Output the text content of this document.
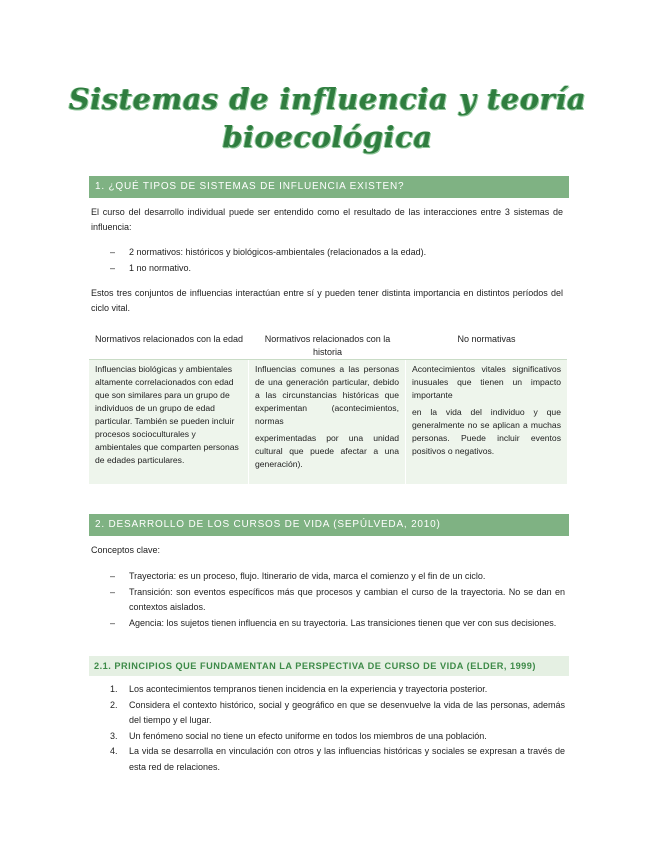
Sistemas de influencia y teoría
bioecológica
1. ¿QUÉ TIPOS DE SISTEMAS DE INFLUENCIA EXISTEN?
El curso del desarrollo individual puede ser entendido como el resultado de las interacciones entre 3 sistemas de influencia:
– 2 normativos: históricos y biológicos-ambientales (relacionados a la edad).
– 1 no normativo.
Estos tres conjuntos de influencias interactúan entre sí y pueden tener distinta importancia en distintos períodos del ciclo vital.
Normativos relacionados con la edad	Normativos relacionados con la historia
No normativas

Influencias biológicas y ambientales altamente correlacionados con edad que son similares para un grupo de individuos de un grupo de edad particular. También se pueden incluir procesos socioculturales y ambientales que comparten personas de edades particulares.

Influencias comunes a las personas de una generación particular, debido a las circunstancias históricas que experimentan (acontecimientos, normas

experimentadas por una unidad cultural que puede afectar a una generación).

Acontecimientos vitales significativos inusuales que tienen un impacto importante

en la vida del individuo y que generalmente no se aplican a muchas personas. Puede incluir eventos positivos o negativos.

2. DESARROLLO DE LOS CURSOS DE VIDA (SEPÚLVEDA, 2010)
Conceptos clave:
– Trayectoria: es un proceso, flujo. Itinerario de vida, marca el comienzo y el fin de un ciclo.
– Transición: son eventos específicos más que procesos y cambian el curso de la trayectoria. No se dan en contextos aislados.
– Agencia: los sujetos tienen influencia en su trayectoria. Las transiciones tienen que ver con sus decisiones.
2.1. PRINCIPIOS QUE FUNDAMENTAN LA PERSPECTIVA DE CURSO DE VIDA (ELDER, 1999)
1. Los acontecimientos tempranos tienen incidencia en la experiencia y trayectoria posterior.
2. Considera el contexto histórico, social y geográfico en que se desenvuelve la vida de las personas, además del tiempo y el lugar.
3. Un fenómeno social no tiene un efecto uniforme en todos los miembros de una población.
4. La vida se desarrolla en vinculación con otros y las influencias históricas y sociales se expresan a través de esta red de relaciones.
